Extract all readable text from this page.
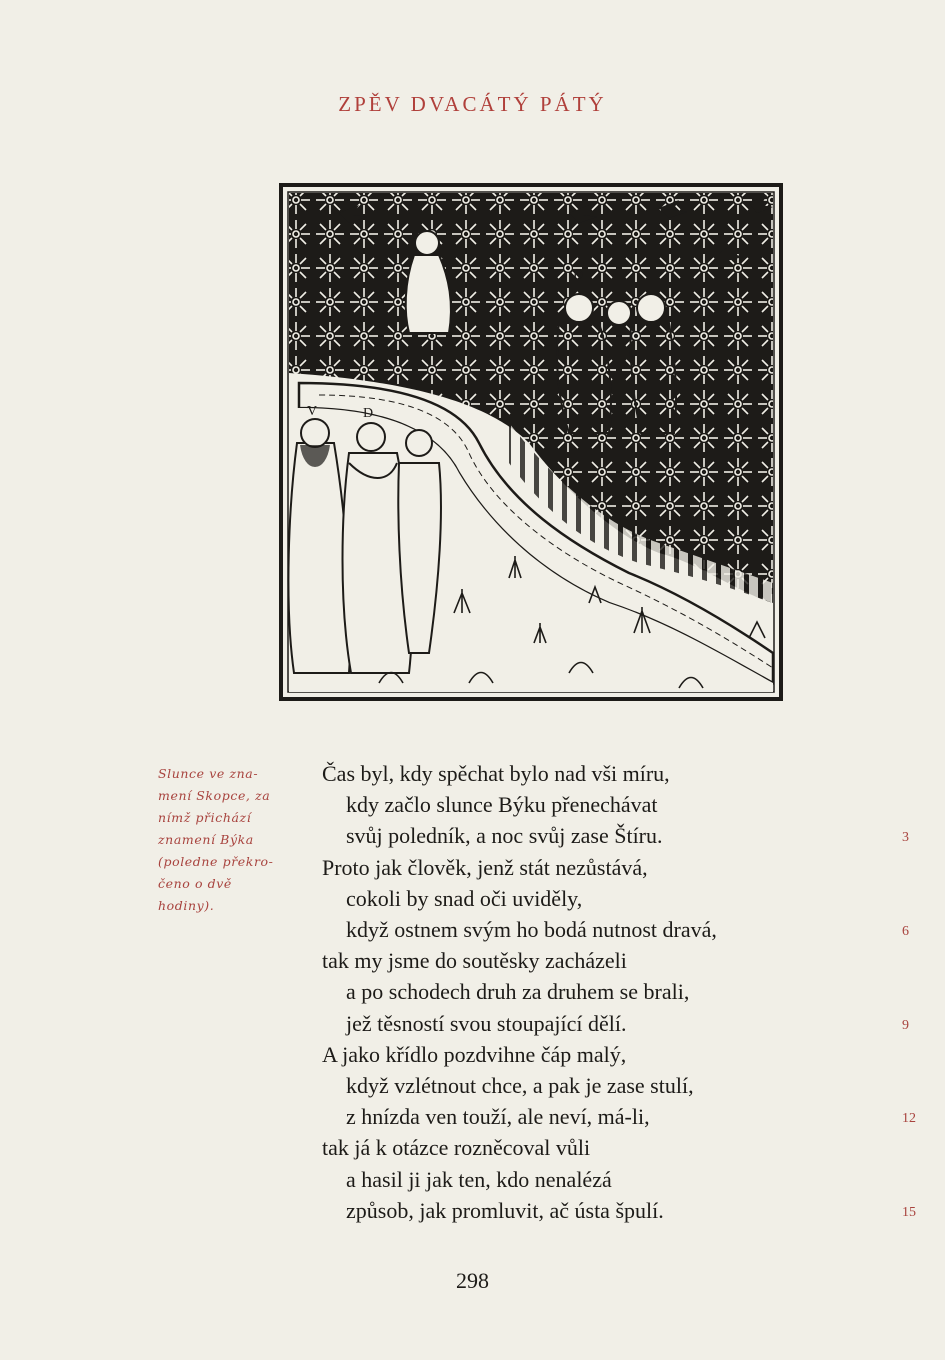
ZPĚV DVACÁTÝ PÁTÝ
V	D
D
Slunce ve zna-
mení Skopce, za
nímž přichází
znamení Býka
(poledne překro-
čeno o dvě
hodiny).
Čas byl, kdy spěchat bylo nad vši míru,
kdy začlo slunce Býku přenechávat
svůj poledník, a noc svůj zase Štíru.
Proto jak člověk, jenž stát nezůstává,
cokoli by snad oči uviděly,
když ostnem svým ho bodá nutnost dravá,
tak my jsme do soutěsky zacházeli
a po schodech druh za druhem se brali,
jež těsností svou stoupající dělí.
A jako křídlo pozdvihne čáp malý,
když vzlétnout chce, a pak je zase stulí,
z hnízda ven touží, ale neví, má-li,
tak já k otázce rozněcoval vůli
a hasil ji jak ten, kdo nenalézá
způsob, jak promluvit, ač ústa špulí.
3
6
9
12
15
298
